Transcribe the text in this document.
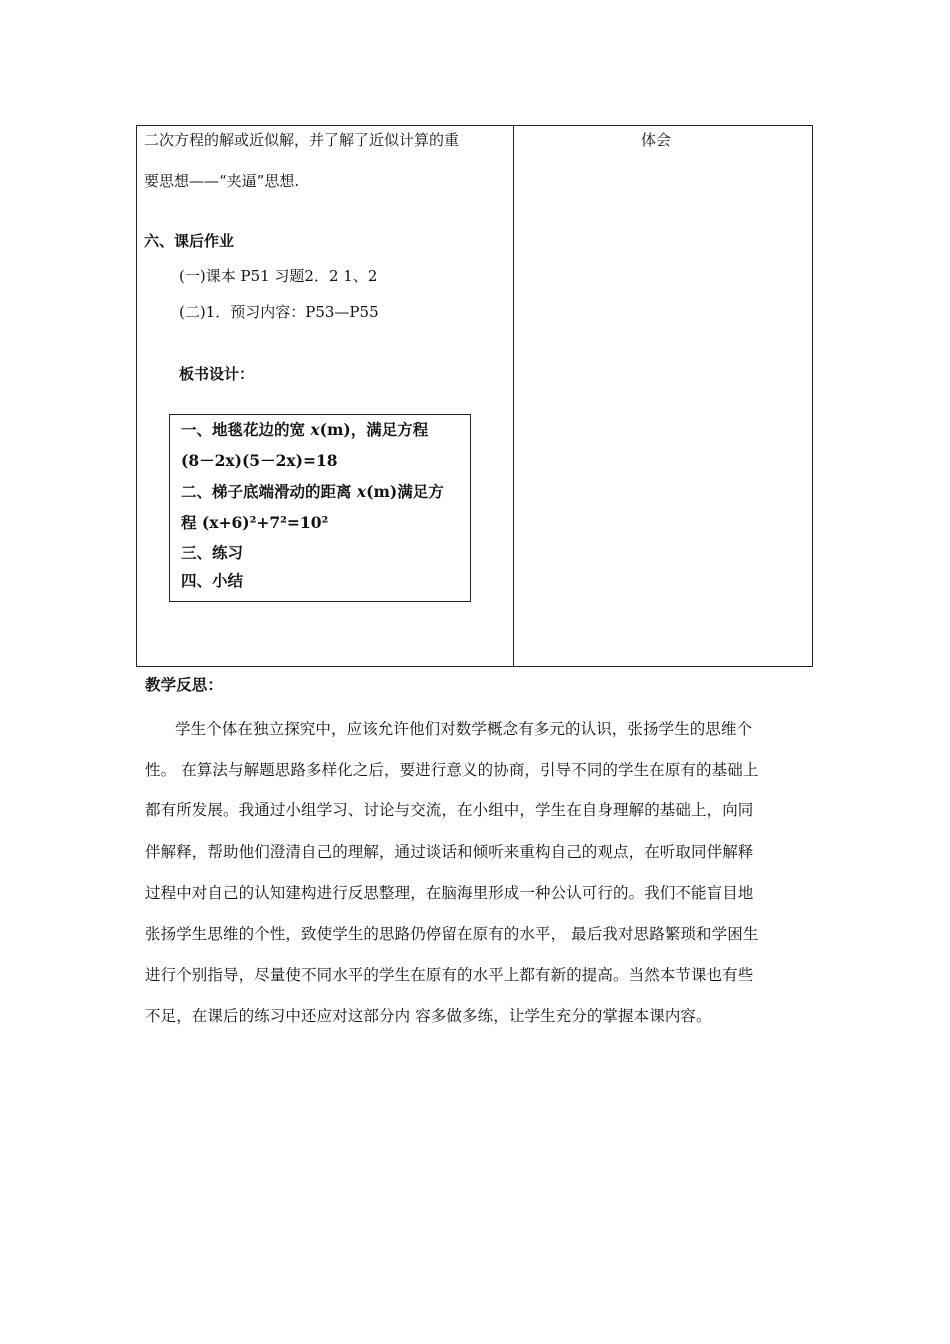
二次方程的解或近似解，并了解了近似计算的重
要思想——“夹逼”思想.
六、课后作业
(一)课本 P51 习题2．2 1、2
(二)1．预习内容：P53—P55
板书设计：
一、地毯花边的宽 x(m)，满足方程
(8－2x)(5－2x)=18
二、梯子底端滑动的距离 x(m)满足方
程 (x+6)²+7²=10²
三、练习
四、小结
体会
教学反思：
学生个体在独立探究中，应该允许他们对数学概念有多元的认识，张扬学生的思维个
性。 在算法与解题思路多样化之后，要进行意义的协商，引导不同的学生在原有的基础上
都有所发展。我通过小组学习、讨论与交流，在小组中，学生在自身理解的基础上，向同
伴解释，帮助他们澄清自己的理解，通过谈话和倾听来重构自己的观点，在听取同伴解释
过程中对自己的认知建构进行反思整理，在脑海里形成一种公认可行的。我们不能盲目地
张扬学生思维的个性，致使学生的思路仍停留在原有的水平， 最后我对思路繁琐和学困生
进行个别指导，尽量使不同水平的学生在原有的水平上都有新的提高。当然本节课也有些
不足，在课后的练习中还应对这部分内 容多做多练，让学生充分的掌握本课内容。
